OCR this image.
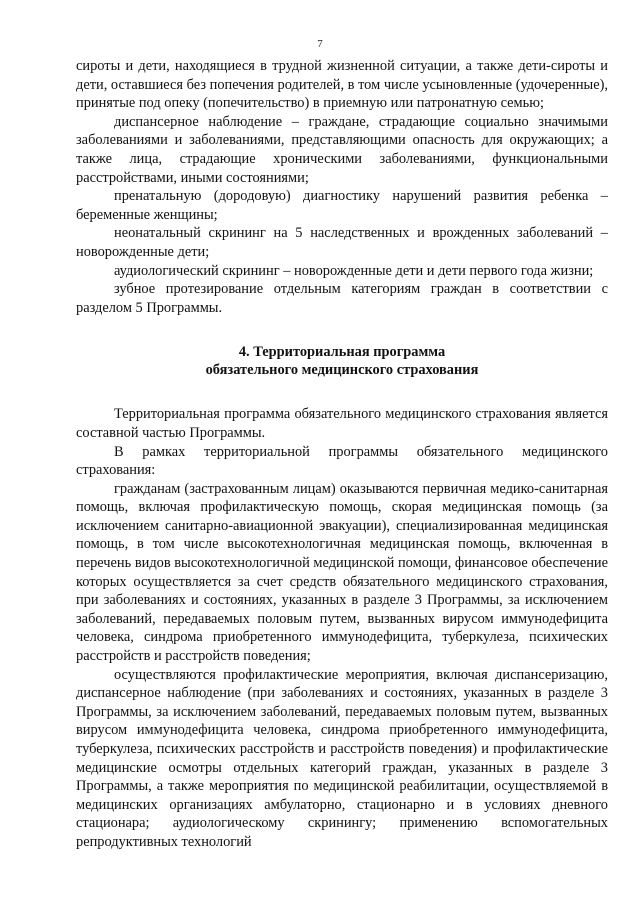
7

сироты и дети, находящиеся в трудной жизненной ситуации, а также дети-сироты и дети, оставшиеся без попечения родителей, в том числе усыновленные (удочеренные), принятые под опеку (попечительство) в приемную или патронатную семью;

диспансерное наблюдение – граждане, страдающие социально значимыми заболеваниями и заболеваниями, представляющими опасность для окружающих; а также лица, страдающие хроническими заболеваниями, функциональными расстройствами, иными состояниями;

пренатальную (дородовую) диагностику нарушений развития ребенка – беременные женщины;

неонатальный скрининг на 5 наследственных и врожденных заболеваний – новорожденные дети;

аудиологический скрининг – новорожденные дети и дети первого года жизни;

зубное протезирование отдельным категориям граждан в соответствии с разделом 5 Программы.

4. Территориальная программа
обязательного медицинского страхования

Территориальная программа обязательного медицинского страхования является составной частью Программы.

В рамках территориальной программы обязательного медицинского страхования:

гражданам (застрахованным лицам) оказываются первичная медико-санитарная помощь, включая профилактическую помощь, скорая медицинская помощь (за исключением санитарно-авиационной эвакуации), специализированная медицинская помощь, в том числе высокотехнологичная медицинская помощь, включенная в перечень видов высокотехнологичной медицинской помощи, финансовое обеспечение которых осуществляется за счет средств обязательного медицинского страхования, при заболеваниях и состояниях, указанных в разделе 3 Программы, за исключением заболеваний, передаваемых половым путем, вызванных вирусом иммунодефицита человека, синдрома приобретенного иммунодефицита, туберкулеза, психических расстройств и расстройств поведения;

осуществляются профилактические мероприятия, включая диспансеризацию, диспансерное наблюдение (при заболеваниях и состояниях, указанных в разделе 3 Программы, за исключением заболеваний, передаваемых половым путем, вызванных вирусом иммунодефицита человека, синдрома приобретенного иммунодефицита, туберкулеза, психических расстройств и расстройств поведения) и профилактические медицинские осмотры отдельных категорий граждан, указанных в разделе 3 Программы, а также мероприятия по медицинской реабилитации, осуществляемой в медицинских организациях амбулаторно, стационарно и в условиях дневного стационара; аудиологическому скринингу; применению вспомогательных репродуктивных технологий
